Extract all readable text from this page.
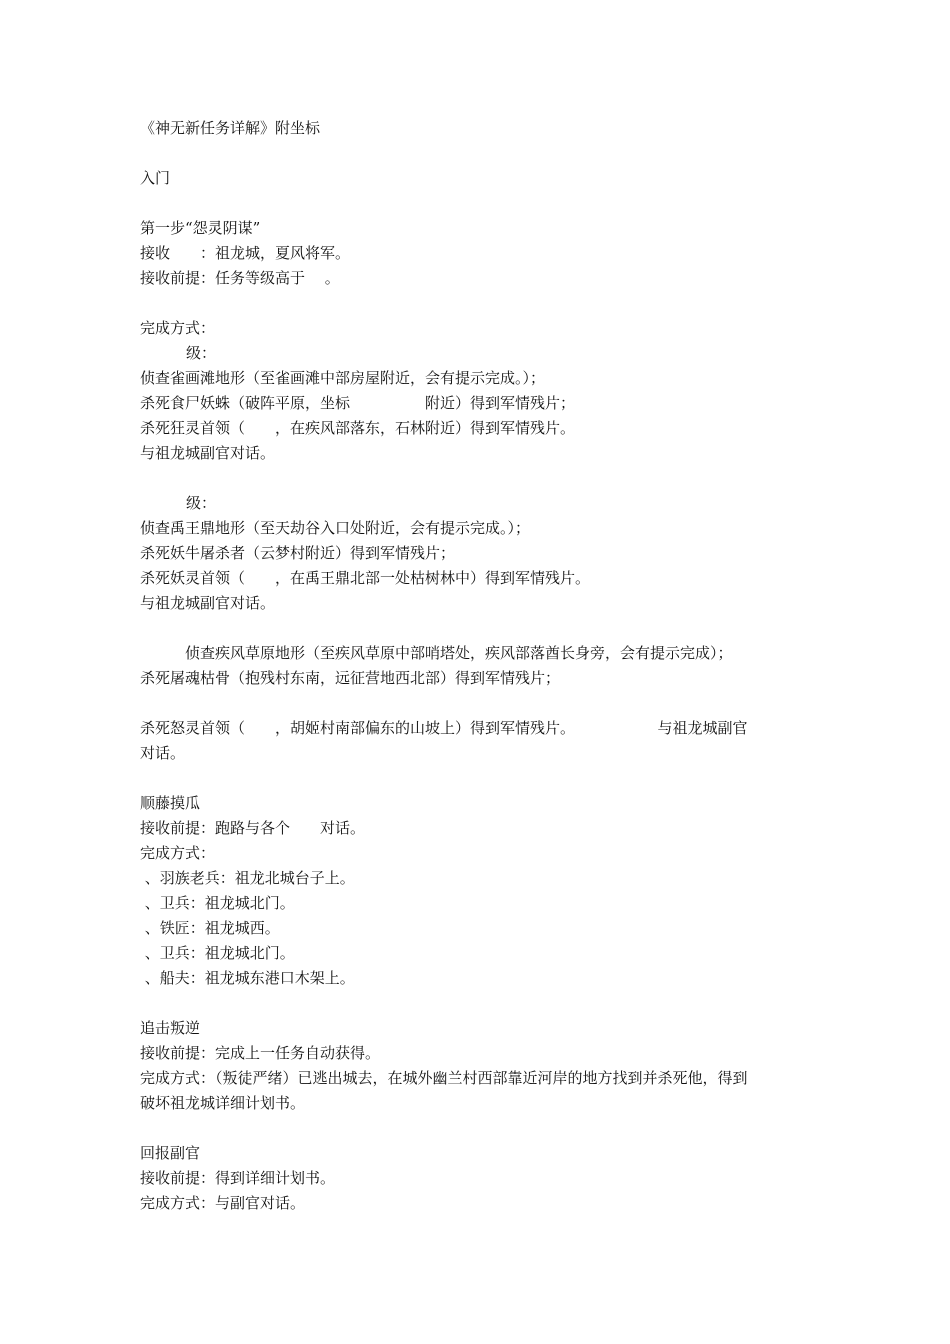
《神无新任务详解》附坐标
入门
第一步“怨灵阴谋”
接收　　：祖龙城，夏风将军。
接收前提：任务等级高于　 。
完成方式：
　　级：
侦查雀画滩地形（至雀画滩中部房屋附近，会有提示完成。）；
杀死食尸妖蛛（破阵平原，坐标　　　　　附近）得到军情残片；
杀死狂灵首领（　　，在疾风部落东，石林附近）得到军情残片。
与祖龙城副官对话。
　　级：
侦查禹王鼎地形（至天劫谷入口处附近，会有提示完成。）；
杀死妖牛屠杀者（云梦村附近）得到军情残片；
杀死妖灵首领（　　，在禹王鼎北部一处枯树林中）得到军情残片。
与祖龙城副官对话。
　　　侦查疾风草原地形（至疾风草原中部哨塔处，疾风部落酋长身旁，会有提示完成）；
杀死屠魂枯骨（抱残村东南，远征营地西北部）得到军情残片；
杀死怒灵首领（　　，胡姬村南部偏东的山坡上）得到军情残片。　　　　　　与祖龙城副官
对话。
顺藤摸瓜
接收前提：跑路与各个　　对话。
完成方式：
、羽族老兵：祖龙北城台子上。
、卫兵：祖龙城北门。
、铁匠：祖龙城西。
、卫兵：祖龙城北门。
、船夫：祖龙城东港口木架上。
追击叛逆
接收前提：完成上一任务自动获得。
完成方式：（叛徒严绪）已逃出城去，在城外幽兰村西部靠近河岸的地方找到并杀死他，得到
破坏祖龙城详细计划书。
回报副官
接收前提：得到详细计划书。
完成方式：与副官对话。
